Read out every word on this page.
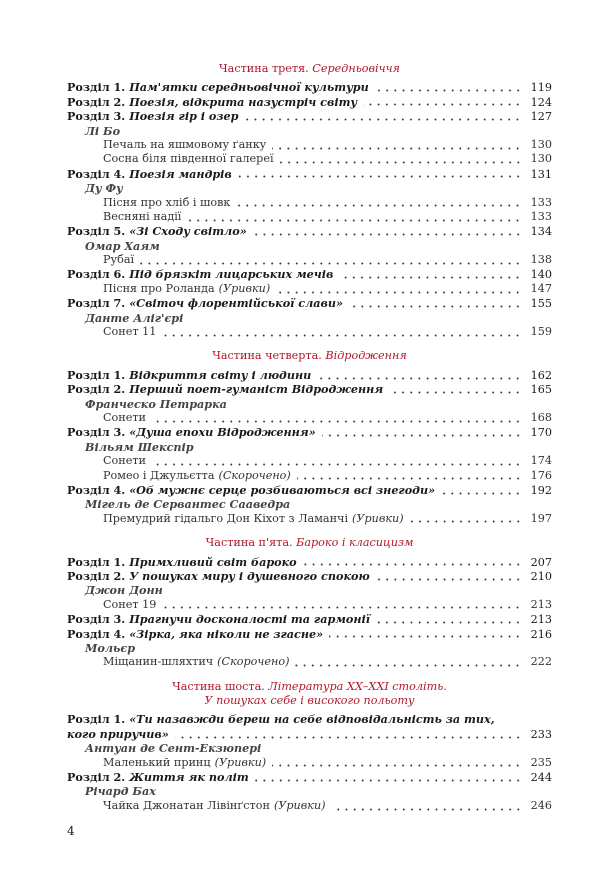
Частина третя. Середньовіччя
Розділ 1. Пам'ятки середньовічної культури	119
Розділ 2. Поезія, відкрита назустріч світу	124
Розділ 3. Поезія гір і озер	127
Лі Бо
Печаль на яшмовому ґанку	130
Сосна біля південної галереї	130
Розділ 4. Поезія мандрів	131
Ду Фу
Пісня про хліб і шовк	133
Весняні надії	133
Розділ 5. «Зі Сходу світло»	134
Омар Хаям
Рубаї	138
Розділ 6. Під брязкіт лицарських мечів	140
Пісня про Роланда (Уривки)	147
Розділ 7. «Світоч флорентійської слави»	155
Данте Аліг'єрі
Сонет 11	159
Частина четверта. Відродження
Розділ 1. Відкриття світу і людини	162
Розділ 2. Перший поет-гуманіст Відродження	165
Франческо Петрарка
Сонети	168
Розділ 3. «Душа епохи Відродження»	170
Вільям Шекспір
Сонети	174
Ромео і Джульєтта (Скорочено)	176
Розділ 4. «Об мужнє серце розбиваються всі знегоди»	192
Мігель де Сервантес Сааведра
Премудрий гідальго Дон Кіхот з Ламанчі (Уривки)	197
Частина п'ята. Бароко і класицизм
Розділ 1. Примхливий світ бароко	207
Розділ 2. У пошуках миру і душевного спокою	210
Джон Донн
Сонет 19	213
Розділ 3. Прагнучи досконалості та гармонії	213
Розділ 4. «Зірка, яка ніколи не згасне»	216
Мольєр
Міщанин-шляхтич (Скорочено)	222
Частина шоста. Література XX–XXI століть.
У пошуках себе і високого польоту
Розділ 1. «Ти назавжди береш на себе відповідальність за тих,
кого приручив»	233
Антуан де Сент-Екзюпері
Маленький принц (Уривки)	235
Розділ 2. Життя як політ	244
Річард Бах
Чайка Джонатан Лівінґстон (Уривки)	246
4
